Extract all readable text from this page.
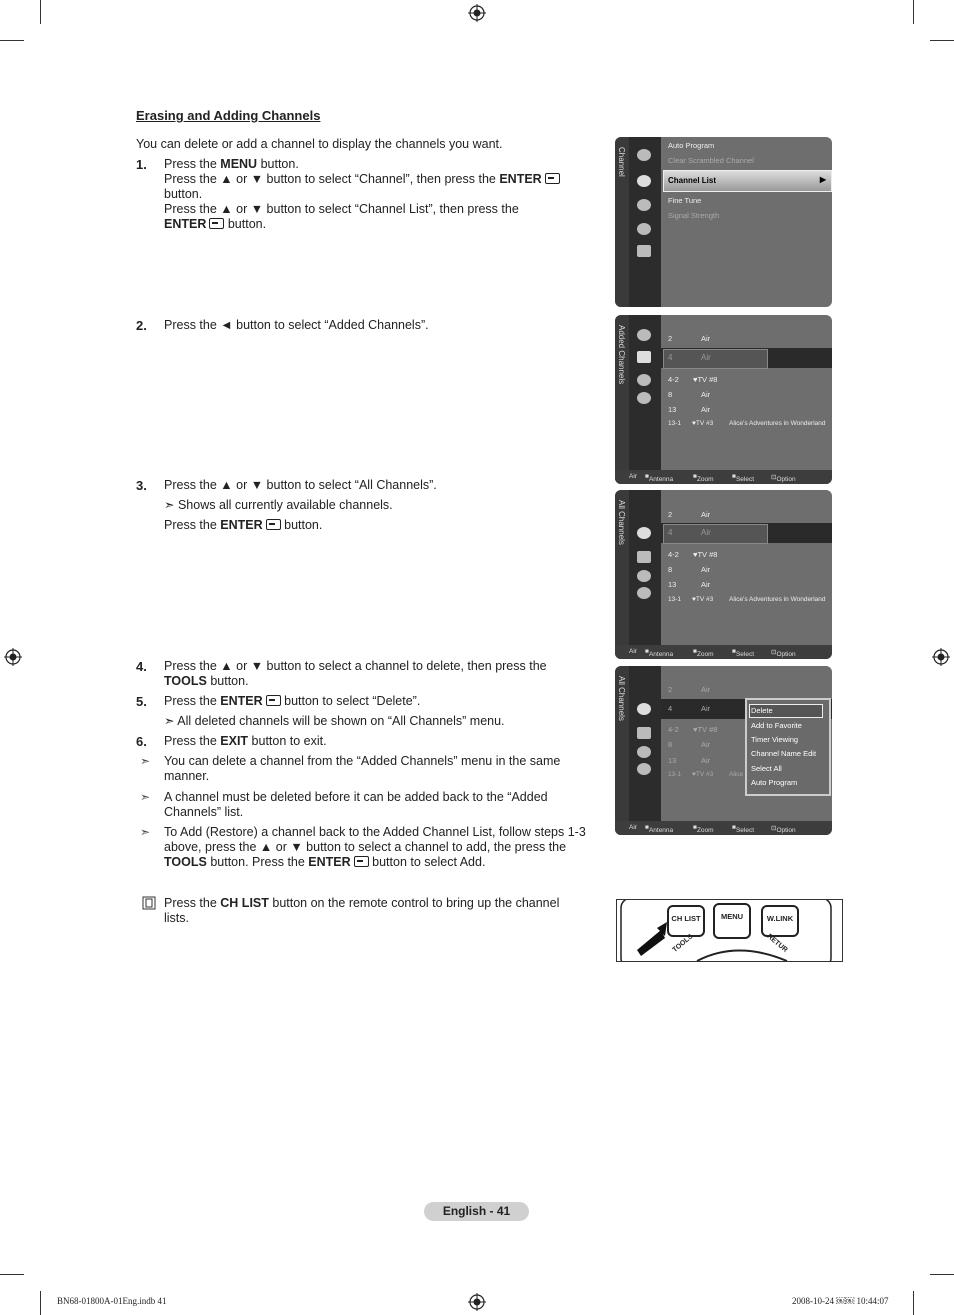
Erasing and Adding Channels
You can delete or add a channel to display the channels you want.
1. Press the MENU button.
Press the ▲ or ▼ button to select “Channel”, then press the ENTER
button.
Press the ▲ or ▼ button to select “Channel List”, then press the
ENTER button.
2. Press the ◄ button to select “Added Channels”.
3. Press the ▲ or ▼ button to select “All Channels”.
➣ Shows all currently available channels.
Press the ENTER button.
4. Press the ▲ or ▼ button to select a channel to delete, then press the
TOOLS button.
5. Press the ENTER button to select “Delete”.
➣ All deleted channels will be shown on “All Channels” menu.
6. Press the EXIT button to exit.
➣ You can delete a channel from the “Added Channels” menu in the same manner.
➣ A channel must be deleted before it can be added back to the “Added Channels” list.
➣ To Add (Restore) a channel back to the Added Channel List, follow steps 1-3 above, press the ▲ or ▼ button to select a channel to add, the press the TOOLS button. Press the ENTER button to select Add.
Press the CH LIST button on the remote control to bring up the channel lists.
Channel
Auto Program
Clear Scrambled Channel
Channel List	▶
Fine Tune
Signal Strength
Added Channels	2	Air
4	Air
4-2 ♥TV #8
8	Air
13	Air
13-1 ♥TV #3 Alice's Adventures in Wonderland
Air ■ Antenna	■ Zoom	■ Select	⊡ Option
All Channels	2	Air
4	Air
4-2 ♥TV #8
8	Air
13	Air
13-1 ♥TV #3 Alice's Adventures in Wonderland
Air ■ Antenna	■ Zoom	■ Select	⊡ Option
All Channels	2	Air
4	Air
4-2 ♥TV #8
8	Air
13	Air
13-1 ♥TV #3 Alice
Delete
Add to Favorite
Timer Viewing
Channel Name Edit
Select All
Auto Program
Air ■ Antenna	■ Zoom	■ Select	⊡ Option
CH LIST	MENU	W.LINK
TOOLS	RETUR
English - 41
BN68-01800A-01Eng.indb 41	2008-10-24 ￼￼ 10:44:07
